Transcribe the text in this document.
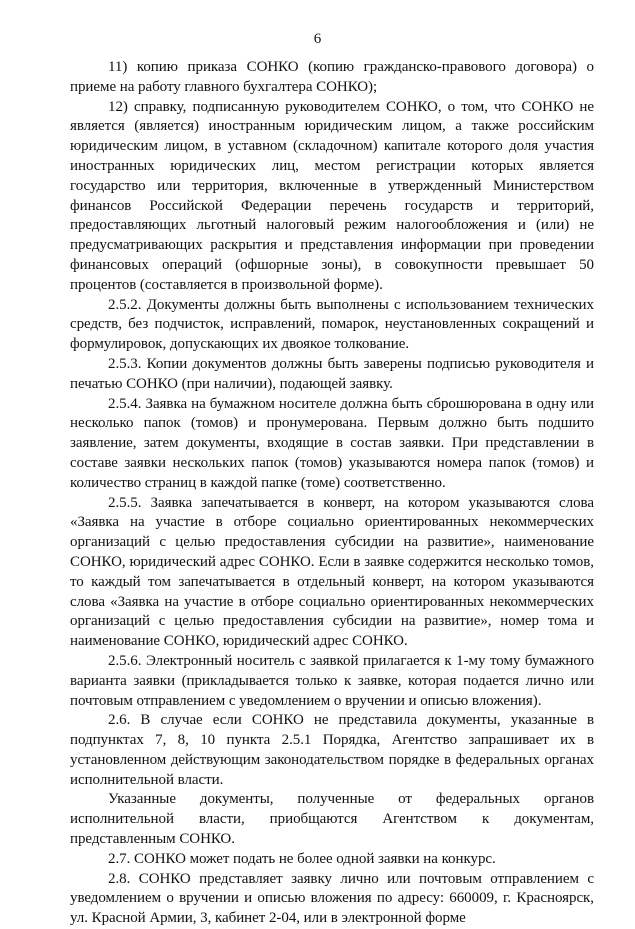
6

11) копию приказа СОНКО (копию гражданско-правового договора) о приеме на работу главного бухгалтера СОНКО);

12) справку, подписанную руководителем СОНКО, о том, что СОНКО не является (является) иностранным юридическим лицом, а также российским юридическим лицом, в уставном (складочном) капитале которого доля участия иностранных юридических лиц, местом регистрации которых является государство или территория, включенные в утвержденный Министерством финансов Российской Федерации перечень государств и территорий, предоставляющих льготный налоговый режим налогообложения и (или) не предусматривающих раскрытия и представления информации при проведении финансовых операций (офшорные зоны), в совокупности превышает 50 процентов (составляется в произвольной форме).

2.5.2. Документы должны быть выполнены с использованием технических средств, без подчисток, исправлений, помарок, неустановленных сокращений и формулировок, допускающих их двоякое толкование.

2.5.3. Копии документов должны быть заверены подписью руководителя и печатью СОНКО (при наличии), подающей заявку.

2.5.4. Заявка на бумажном носителе должна быть сброшюрована в одну или несколько папок (томов) и пронумерована. Первым должно быть подшито заявление, затем документы, входящие в состав заявки. При представлении в составе заявки нескольких папок (томов) указываются номера папок (томов) и количество страниц в каждой папке (томе) соответственно.

2.5.5. Заявка запечатывается в конверт, на котором указываются слова «Заявка на участие в отборе социально ориентированных некоммерческих организаций с целью предоставления субсидии на развитие», наименование СОНКО, юридический адрес СОНКО. Если в заявке содержится несколько томов, то каждый том запечатывается в отдельный конверт, на котором указываются слова «Заявка на участие в отборе социально ориентированных некоммерческих организаций с целью предоставления субсидии на развитие», номер тома и наименование СОНКО, юридический адрес СОНКО.

2.5.6. Электронный носитель с заявкой прилагается к 1-му тому бумажного варианта заявки (прикладывается только к заявке, которая подается лично или почтовым отправлением с уведомлением о вручении и описью вложения).

2.6. В случае если СОНКО не представила документы, указанные в подпунктах 7, 8, 10 пункта 2.5.1 Порядка, Агентство запрашивает их в установленном действующим законодательством порядке в федеральных органах исполнительной власти.

Указанные документы, полученные от федеральных органов исполнительной власти, приобщаются Агентством к документам, представленным СОНКО.

2.7. СОНКО может подать не более одной заявки на конкурс.

2.8. СОНКО представляет заявку лично или почтовым отправлением с уведомлением о вручении и описью вложения по адресу: 660009, г. Красноярск, ул. Красной Армии, 3, кабинет 2-04, или в электронной форме
